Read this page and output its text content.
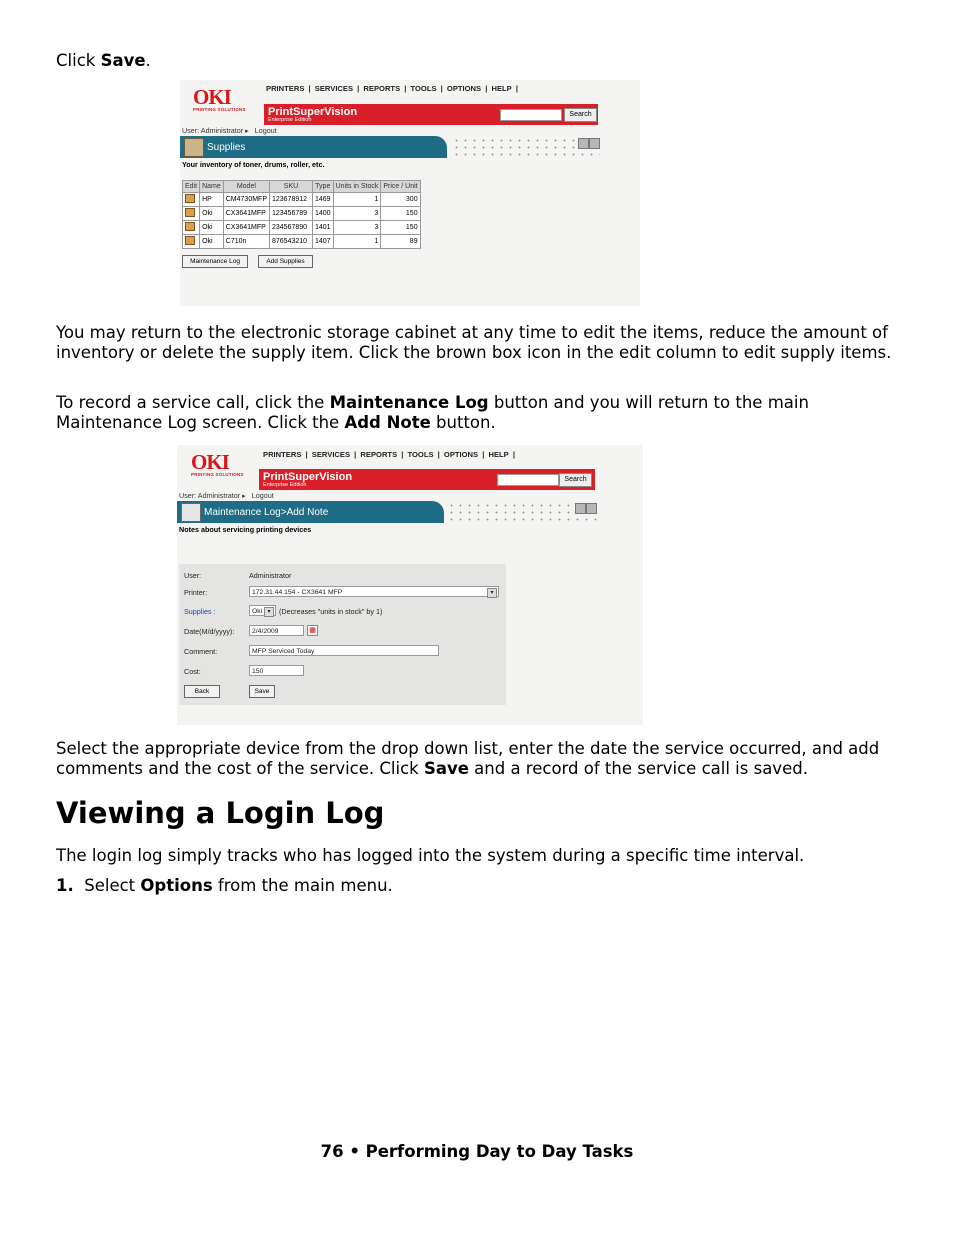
Click Save.
OKI
PRINTING SOLUTIONS
PRINTERS | SERVICES | REPORTS | TOOLS | OPTIONS | HELP |
PrintSuperVision
Enterprise Edition
Search
User: Administrator ▸   Logout
Supplies
Your inventory of toner, drums, roller, etc.
Edit	Name	Model	SKU	Type	Units in Stock	Price / Unit
	HP	CM4730MFP	123678912	1469	1	300
	Oki	CX3641MFP	123456789	1400	3	150
	Oki	CX3641MFP	234567890	1401	3	150
	Oki	C710n	876543210	1407	1	89
Maintenance Log	Add Supplies
You may return to the electronic storage cabinet at any time to edit the items, reduce the amount of inventory or delete the supply item. Click the brown box icon in the edit column to edit supply items.
To record a service call, click the Maintenance Log button and you will return to the main Maintenance Log screen. Click the Add Note button.
OKI
PRINTING SOLUTIONS
PRINTERS | SERVICES | REPORTS | TOOLS | OPTIONS | HELP |
PrintSuperVision
Enterprise Edition
Search
User: Administrator ▸   Logout
Maintenance Log>Add Note
Notes about servicing printing devices
User:	Administrator
Printer:	172.31.44.154 - CX3641 MFP	▾
Supplies :	Oki ▾	(Decreases "units in stock" by 1)
Date(M/d/yyyy):	2/4/2009	▦
Comment:	MFP Serviced Today
Cost:	150
Back	Save
Select the appropriate device from the drop down list, enter the date the service occurred, and add comments and the cost of the service. Click Save and a record of the service call is saved.
Viewing a Login Log
The login log simply tracks who has logged into the system during a specific time interval.
1. Select Options from the main menu.
76 • Performing Day to Day Tasks
